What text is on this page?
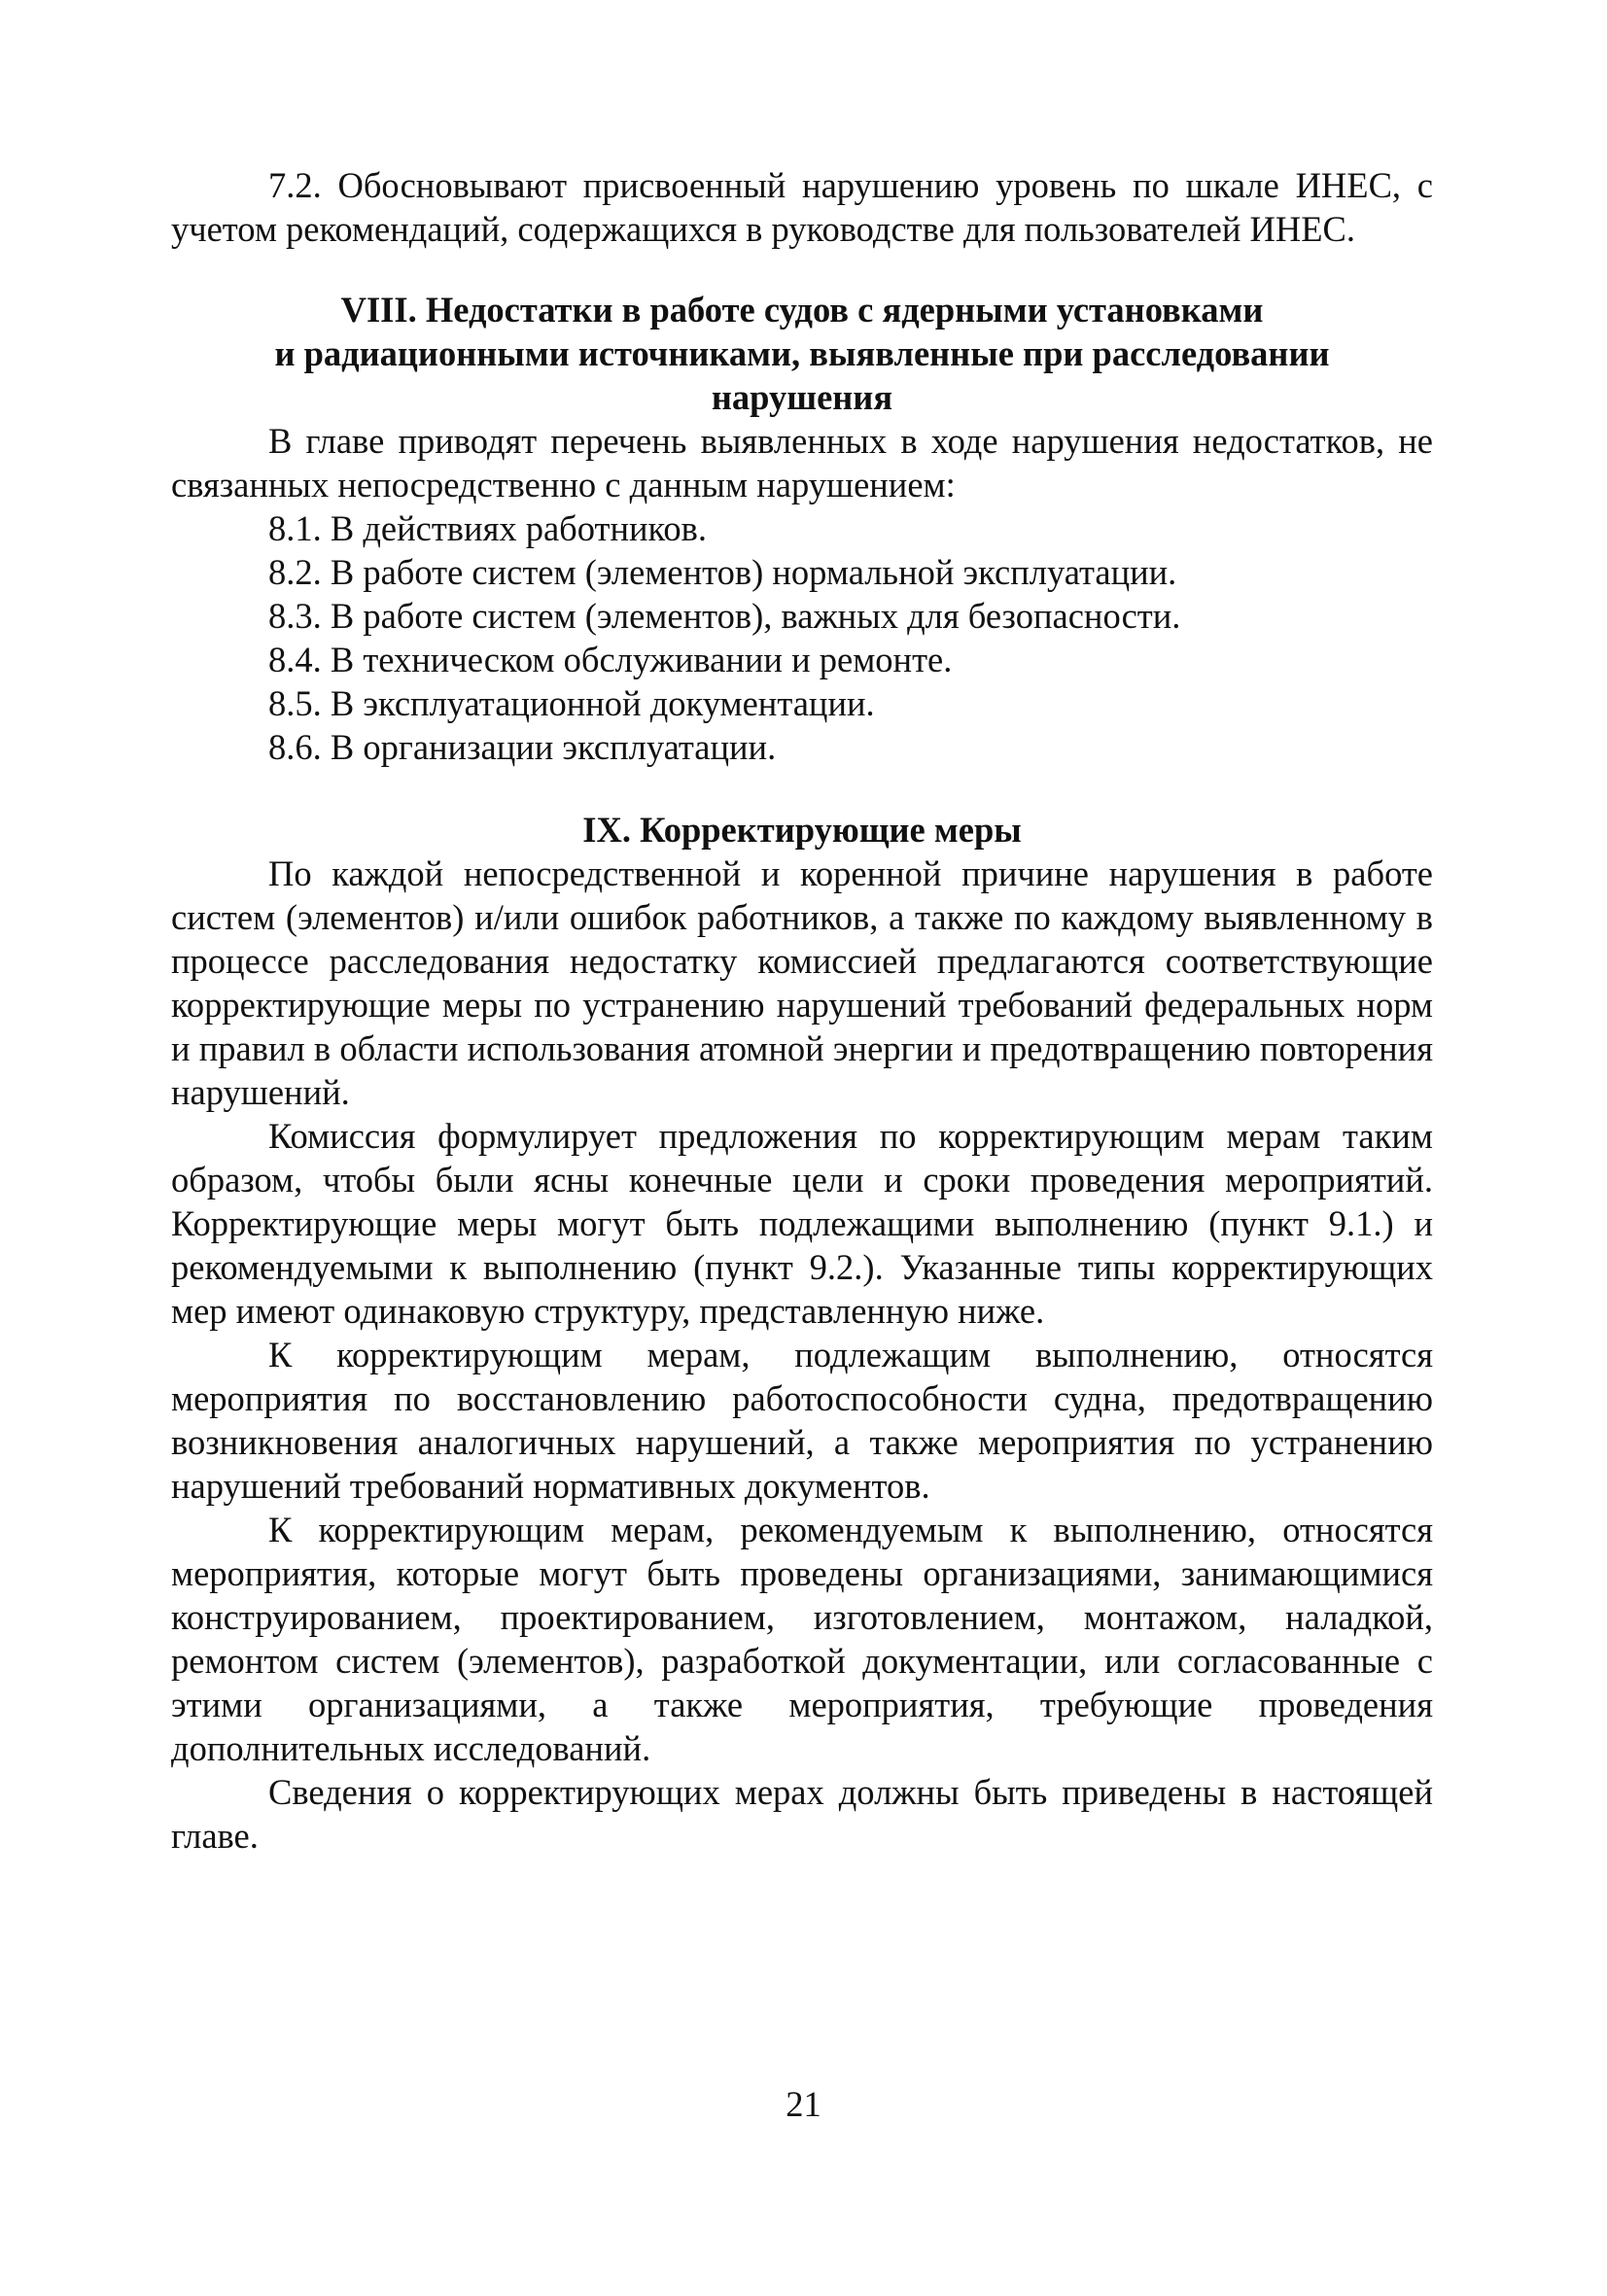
7.2. Обосновывают присвоенный нарушению уровень по шкале ИНЕС, с учетом рекомендаций, содержащихся в руководстве для пользователей ИНЕС.

VIII. Недостатки в работе судов с ядерными установками
и радиационными источниками, выявленные при расследовании
нарушения

В главе приводят перечень выявленных в ходе нарушения недостатков, не связанных непосредственно с данным нарушением:

8.1. В действиях работников.
8.2. В работе систем (элементов) нормальной эксплуатации.
8.3. В работе систем (элементов), важных для безопасности.
8.4. В техническом обслуживании и ремонте.
8.5. В эксплуатационной документации.
8.6. В организации эксплуатации.
IX. Корректирующие меры

По каждой непосредственной и коренной причине нарушения в работе систем (элементов) и/или ошибок работников, а также по каждому выявленному в процессе расследования недостатку комиссией предлагаются соответствующие корректирующие меры по устранению нарушений требований федеральных норм и правил в области использования атомной энергии и предотвращению повторения нарушений.

Комиссия формулирует предложения по корректирующим мерам таким образом, чтобы были ясны конечные цели и сроки проведения мероприятий. Корректирующие меры могут быть подлежащими выполнению (пункт 9.1.) и рекомендуемыми к выполнению (пункт 9.2.). Указанные типы корректирующих мер имеют одинаковую структуру, представленную ниже.

К корректирующим мерам, подлежащим выполнению, относятся мероприятия по восстановлению работоспособности судна, предотвращению возникновения аналогичных нарушений, а также мероприятия по устранению нарушений требований нормативных документов.

К корректирующим мерам, рекомендуемым к выполнению, относятся мероприятия, которые могут быть проведены организациями, занимающимися конструированием, проектированием, изготовлением, монтажом, наладкой, ремонтом систем (элементов), разработкой документации, или согласованные с этими организациями, а также мероприятия, требующие проведения дополнительных исследований.

Сведения о корректирующих мерах должны быть приведены в настоящей главе.

21
